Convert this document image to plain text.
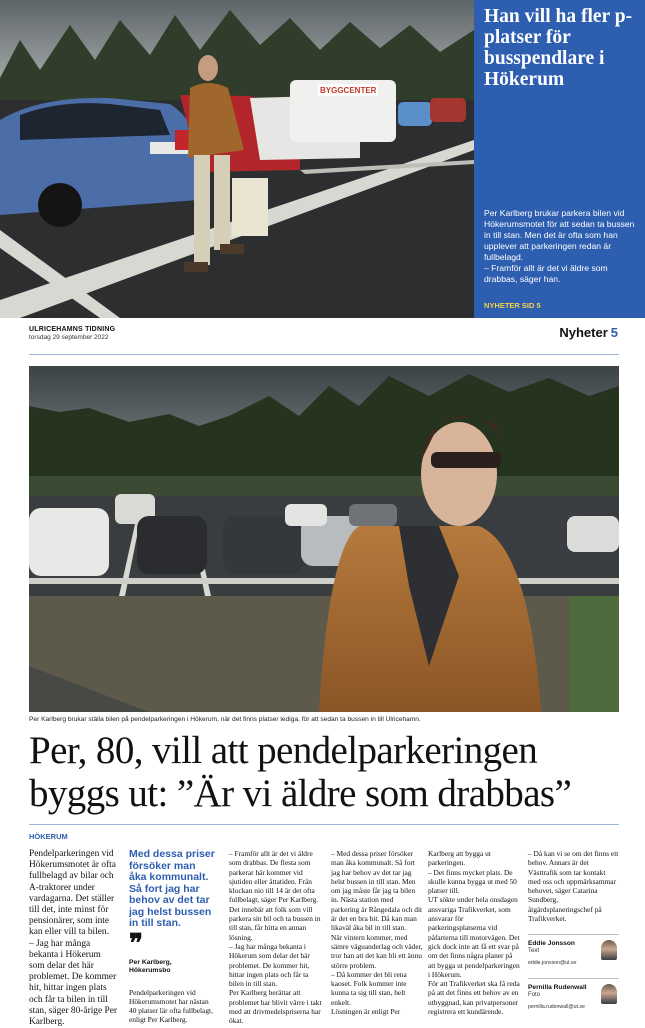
BYGGCENTER
Han vill ha fler p-platser för busspendlare i Hökerum

Per Karlberg brukar parkera bilen vid Hökerumsmotet för att sedan ta bussen in till stan. Men det är ofta som han upplever att parkeringen redan är fullbelagd.

– Framför allt är det vi äldre som drabbas, säger han.

NYHETER SID 5
ULRICEHAMNS TIDNING
torsdag 29 september 2022	Nyheter 5
Per Karlberg brukar ställa bilen på pendelparkeringen i Hökerum, när det finns platser lediga, för att sedan ta bussen in till Ulricehamn.
Per, 80, vill att pendelparkeringen
byggs ut: ”Är vi äldre som drabbas”
HÖKERUM

Pendelparkeringen vid Hökerumsmotet är ofta fullbelagd av bilar och A-traktorer under vardagarna. Det ställer till det, inte minst för pensionärer, som inte kan eller vill ta bilen.

– Jag har många bekanta i Hökerum som delar det här problemet. De kommer hit, hittar ingen plats och får ta bilen in till stan, säger 80-årige Per Karlberg.

Med dessa priser försöker man åka kommunalt. Så fort jag har behov av det tar jag helst bussen in till stan.

❞
Per Karlberg, Hökerumsbo

Pendelparkeringen vid Hökerumsmotet har nästan 40 platser lär ofta fullbelagt, enligt Per Karlberg.

– Framför allt är det vi äldre som drabbas. De flesta som parkerar här kommer vid sjutiden eller åttatiden. Från klockan nio till 14 är det ofta fullbelagt, säger Per Karlberg.

Det innebär att folk som vill parkera sin bil och ta bussen in till stan, får hitta en annan lösning.

– Jag har många bekanta i Hökerum som delar det här problemet. De kommer hit, hittar ingen plats och får ta bilen in till stan.

Per Karlberg berättar att problemet har blivit värre i takt med att drivmedelspriserna har ökat.

– Med dessa priser försöker man åka kommunalt. Så fort jag har behov av det tar jag helst bussen in till stan. Men om jag måste får jag ta bilen in. Nästa station med parkering är Rångedala och dit är det en bra bit. Då kan man likaväl åka bil in till stan.

När vintern kommer, med sämre väguanderlag och väder, tror han att det kan bli ett ännu större problem.

– Då kommer det bli rena kaoset. Folk kommer inte kunna ta sig till stan, helt enkelt.

Lösningen är enligt Per

Karlberg att bygga ut parkeringen.

– Det finns mycket plats. De skulle kunna bygga ut med 50 platser till.

UT sökte under hela onsdagen ansvariga Trafikverket, som ansvarar för parkeringsplatserna vid påfarterna till motorvägen. Det gick dock inte att få ett svar på om det finns några planer på att bygga ut pendelparkeringen i Hökerum.

För att Trafikverket ska få reda på att det finns ett behov av en utbyggnad, kan privatpersoner registrera ett kundärende.

– Då kan vi se om det finns ett behov. Annars är det Västtrafik som tar kontakt med oss och uppmärksammar behovet, säger Catarina Sundberg, åtgärdsplaneringschef på Trafikverket.

Eddie Jonsson
Text
eddie.jonsson@ut.se
Pernilla Rudenwall
Foto
pernilla.rudenwall@ut.se
